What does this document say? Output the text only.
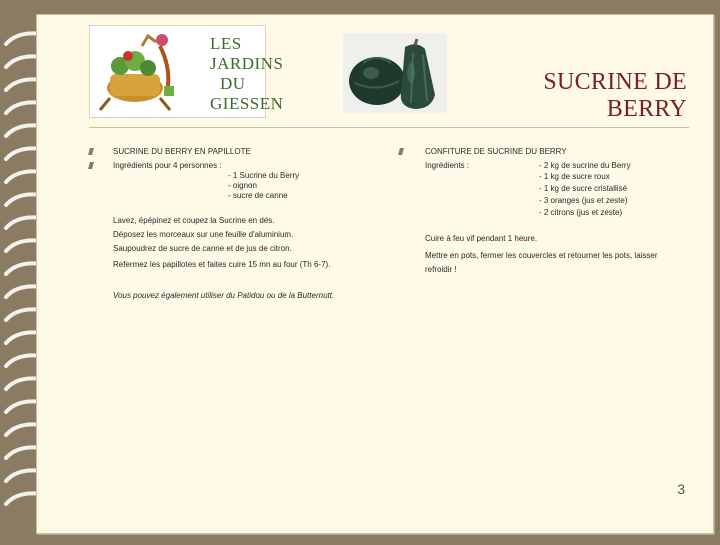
LES
JARDINS
DU
GIESSEN
SUCRINE DE BERRY
SUCRINE DU BERRY EN PAPILLOTE
Ingrédients pour 4 personnes :
- 1 Sucrine du Berry
- oignon
- sucre de canne
Lavez, épépinez et coupez la Sucrine en dés.
Déposez les morceaux sur une feuille d'aluminium.
Saupoudrez de sucre de canne et de jus de citron.
Refermez les papillotes et faites cuire 15 mn au four (Th 6-7).
Vous pouvez également utiliser du Patidou ou de la Butternutt.
CONFITURE DE SUCRINE DU BERRY
Ingrédients :	- 2 kg de sucrine du Berry
- 1 kg de sucre roux
- 1 kg de sucre cristallisé
- 3 oranges (jus et zeste)
- 2 citrons (jus et zeste)
Cuire à feu vif pendant 1 heure.
Mettre en pots, fermer les couvercles et retourner les pots, laisser
refroidir !
3
